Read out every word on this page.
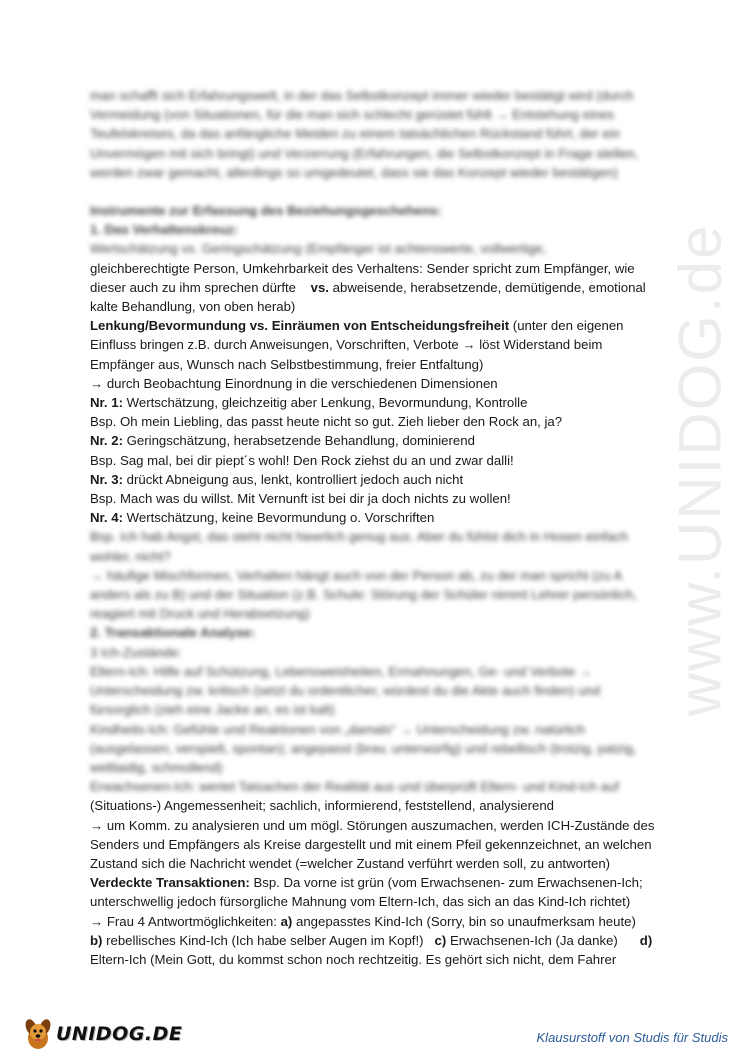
www.UNIDOG.de

man schafft sich Erfahrungswelt, in der das Selbstkonzept immer wieder bestätigt wird (durch

Vermeidung (von Situationen, für die man sich schlecht gerüstet fühlt → Entstehung eines

Teufelskreises, da das anfängliche Meiden zu einem tatsächlichen Rückstand führt, der ein

Unvermögen mit sich bringt) und Verzerrung (Erfahrungen, die Selbstkonzept in Frage stellen,

werden zwar gemacht, allerdings so umgedeutet, dass sie das Konzept wieder bestätigen)

Instrumente zur Erfassung des Beziehungsgeschehens:

1. Das Verhaltenskreuz:

Wertschätzung vs. Geringschätzung (Empfänger ist achtenswerte, vollwertige,

gleichberechtigte Person, Umkehrbarkeit des Verhaltens: Sender spricht zum Empfänger, wie

dieser auch zu ihm sprechen dürfte vs. abweisende, herabsetzende, demütigende, emotional

kalte Behandlung, von oben herab)

Lenkung/Bevormundung vs. Einräumen von Entscheidungsfreiheit (unter den eigenen

Einfluss bringen z.B. durch Anweisungen, Vorschriften, Verbote → löst Widerstand beim

Empfänger aus, Wunsch nach Selbstbestimmung, freier Entfaltung)

→ durch Beobachtung Einordnung in die verschiedenen Dimensionen

Nr. 1: Wertschätzung, gleichzeitig aber Lenkung, Bevormundung, Kontrolle

Bsp. Oh mein Liebling, das passt heute nicht so gut. Zieh lieber den Rock an, ja?

Nr. 2: Geringschätzung, herabsetzende Behandlung, dominierend

Bsp. Sag mal, bei dir piept´s wohl! Den Rock ziehst du an und zwar dalli!

Nr. 3: drückt Abneigung aus, lenkt, kontrolliert jedoch auch nicht

Bsp. Mach was du willst. Mit Vernunft ist bei dir ja doch nichts zu wollen!

Nr. 4: Wertschätzung, keine Bevormundung o. Vorschriften

Bsp. Ich hab Angst, das steht nicht hieerlich genug aus. Aber du fühlst dich in Hosen einfach

wohler, nicht?

→ häufige Mischformen, Verhalten hängt auch von der Person ab, zu der man spricht (zu A

anders als zu B) und der Situation (z.B. Schule: Störung der Schüler nimmt Lehrer persönlich,

reagiert mit Druck und Herabsetzung)

2. Transaktionale Analyse:

3 Ich-Zustände:

Eltern-Ich: Hilfe auf Schützung, Lebensweisheiten, Ermahnungen, Ge- und Verbote →

Unterscheidung zw. kritisch (setzt du ordentlicher, würdest du die Akte auch finden) und

fürsorglich (zieh eine Jacke an, es ist kalt)

Kindheits-Ich: Gefühle und Reaktionen von „damals" → Unterscheidung zw. natürlich

(ausgelassen, verspielt, spontan); angepasst (brav, unterwürfig) und rebellisch (trotzig, patzig,

weltlaidig, schmollend)

Erwachsenen-Ich: wertet Tatsachen der Realität aus und überprüft Eltern- und Kind-Ich auf

(Situations-) Angemessenheit; sachlich, informierend, feststellend, analysierend

→ um Komm. zu analysieren und um mögl. Störungen auszumachen, werden ICH-Zustände des

Senders und Empfängers als Kreise dargestellt und mit einem Pfeil gekennzeichnet, an welchen

Zustand sich die Nachricht wendet (=welcher Zustand verführt werden soll, zu antworten)

Verdeckte Transaktionen: Bsp. Da vorne ist grün (vom Erwachsenen- zum Erwachsenen-Ich;

unterschwellig jedoch fürsorgliche Mahnung vom Eltern-Ich, das sich an das Kind-Ich richtet)

→ Frau 4 Antwortmöglichkeiten: a) angepasstes Kind-Ich (Sorry, bin so unaufmerksam heute)

b) rebellisches Kind-Ich (Ich habe selber Augen im Kopf!) c) Erwachsenen-Ich (Ja danke) d)

Eltern-Ich (Mein Gott, du kommst schon noch rechtzeitig. Es gehört sich nicht, dem Fahrer

UNIDOG.DE	Klausurstoff von Studis für Studis
